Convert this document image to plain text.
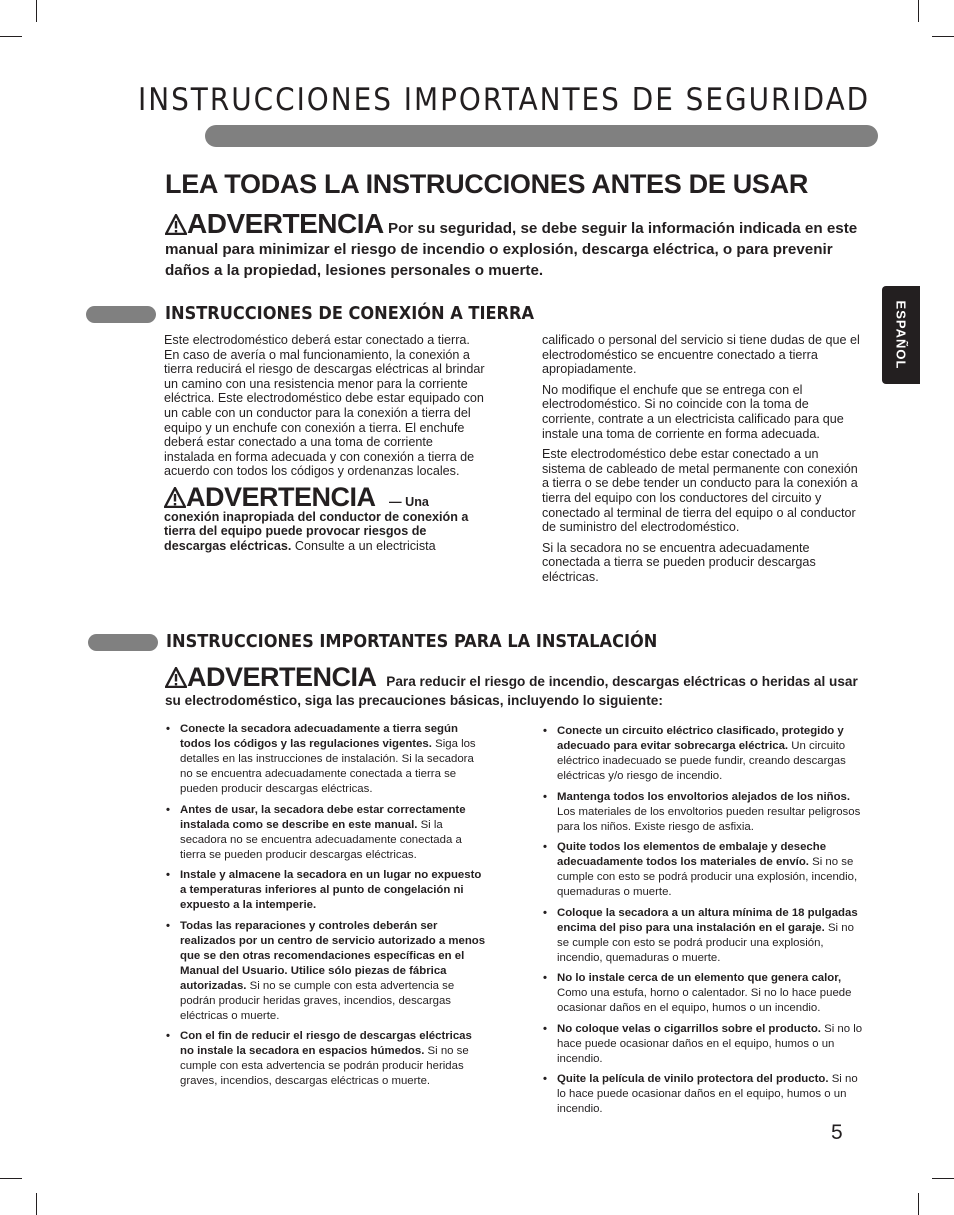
INSTRUCCIONES IMPORTANTES DE SEGURIDAD
ESPAÑOL
LEA TODAS LA INSTRUCCIONES ANTES DE USAR
ADVERTENCIA Por su seguridad, se debe seguir la información indicada en este manual para minimizar el riesgo de incendio o explosión, descarga eléctrica, o para prevenir daños a la propiedad, lesiones personales o muerte.
INSTRUCCIONES DE CONEXIÓN A TIERRA

Este electrodoméstico deberá estar conectado a tierra. En caso de avería o mal funcionamiento, la conexión a tierra reducirá el riesgo de descargas eléctricas al brindar un camino con una resistencia menor para la corriente eléctrica. Este electrodoméstico debe estar equipado con un cable con un conductor para la conexión a tierra del equipo y un enchufe con conexión a tierra. El enchufe deberá estar conectado a una toma de corriente instalada en forma adecuada y con conexión a tierra de acuerdo con todos los códigos y ordenanzas locales.

ADVERTENCIA — Una
conexión inapropiada del conductor de conexión a tierra del equipo puede provocar riesgos de descargas eléctricas. Consulte a un electricista

calificado o personal del servicio si tiene dudas de que el electrodoméstico se encuentre conectado a tierra apropiadamente.

No modifique el enchufe que se entrega con el electrodoméstico. Si no coincide con la toma de corriente, contrate a un electricista calificado para que instale una toma de corriente en forma adecuada.

Este electrodoméstico debe estar conectado a un sistema de cableado de metal permanente con conexión a tierra o se debe tender un conducto para la conexión a tierra del equipo con los conductores del circuito y conectado al terminal de tierra del equipo o al conductor de suministro del electrodoméstico.

Si la secadora no se encuentra adecuadamente conectada a tierra se pueden producir descargas eléctricas.

INSTRUCCIONES IMPORTANTES PARA LA INSTALACIÓN
ADVERTENCIA Para reducir el riesgo de incendio, descargas eléctricas o heridas al usar su electrodoméstico, siga las precauciones básicas, incluyendo lo siguiente:
• Conecte la secadora adecuadamente a tierra según todos los códigos y las regulaciones vigentes. Siga los detalles en las instrucciones de instalación. Si la secadora no se encuentra adecuadamente conectada a tierra se pueden producir descargas eléctricas.
• Antes de usar, la secadora debe estar correctamente instalada como se describe en este manual. Si la secadora no se encuentra adecuadamente conectada a tierra se pueden producir descargas eléctricas.
• Instale y almacene la secadora en un lugar no expuesto a temperaturas inferiores al punto de congelación ni expuesto a la intemperie.
• Todas las reparaciones y controles deberán ser realizados por un centro de servicio autorizado a menos que se den otras recomendaciones específicas en el Manual del Usuario. Utilice sólo piezas de fábrica autorizadas. Si no se cumple con esta advertencia se podrán producir heridas graves, incendios, descargas eléctricas o muerte.
• Con el fin de reducir el riesgo de descargas eléctricas no instale la secadora en espacios húmedos. Si no se cumple con esta advertencia se podrán producir heridas graves, incendios, descargas eléctricas o muerte.
• Conecte un circuito eléctrico clasificado, protegido y adecuado para evitar sobrecarga eléctrica. Un circuito eléctrico inadecuado se puede fundir, creando descargas eléctricas y/o riesgo de incendio.
• Mantenga todos los envoltorios alejados de los niños. Los materiales de los envoltorios pueden resultar peligrosos para los niños. Existe riesgo de asfixia.
• Quite todos los elementos de embalaje y deseche adecuadamente todos los materiales de envío. Si no se cumple con esto se podrá producir una explosión, incendio, quemaduras o muerte.
• Coloque la secadora a un altura mínima de 18 pulgadas encima del piso para una instalación en el garaje. Si no se cumple con esto se podrá producir una explosión, incendio, quemaduras o muerte.
• No lo instale cerca de un elemento que genera calor, Como una estufa, horno o calentador. Si no lo hace puede ocasionar daños en el equipo, humos o un incendio.
• No coloque velas o cigarrillos sobre el producto. Si no lo hace puede ocasionar daños en el equipo, humos o un incendio.
• Quite la película de vinilo protectora del producto. Si no lo hace puede ocasionar daños en el equipo, humos o un incendio.
5
